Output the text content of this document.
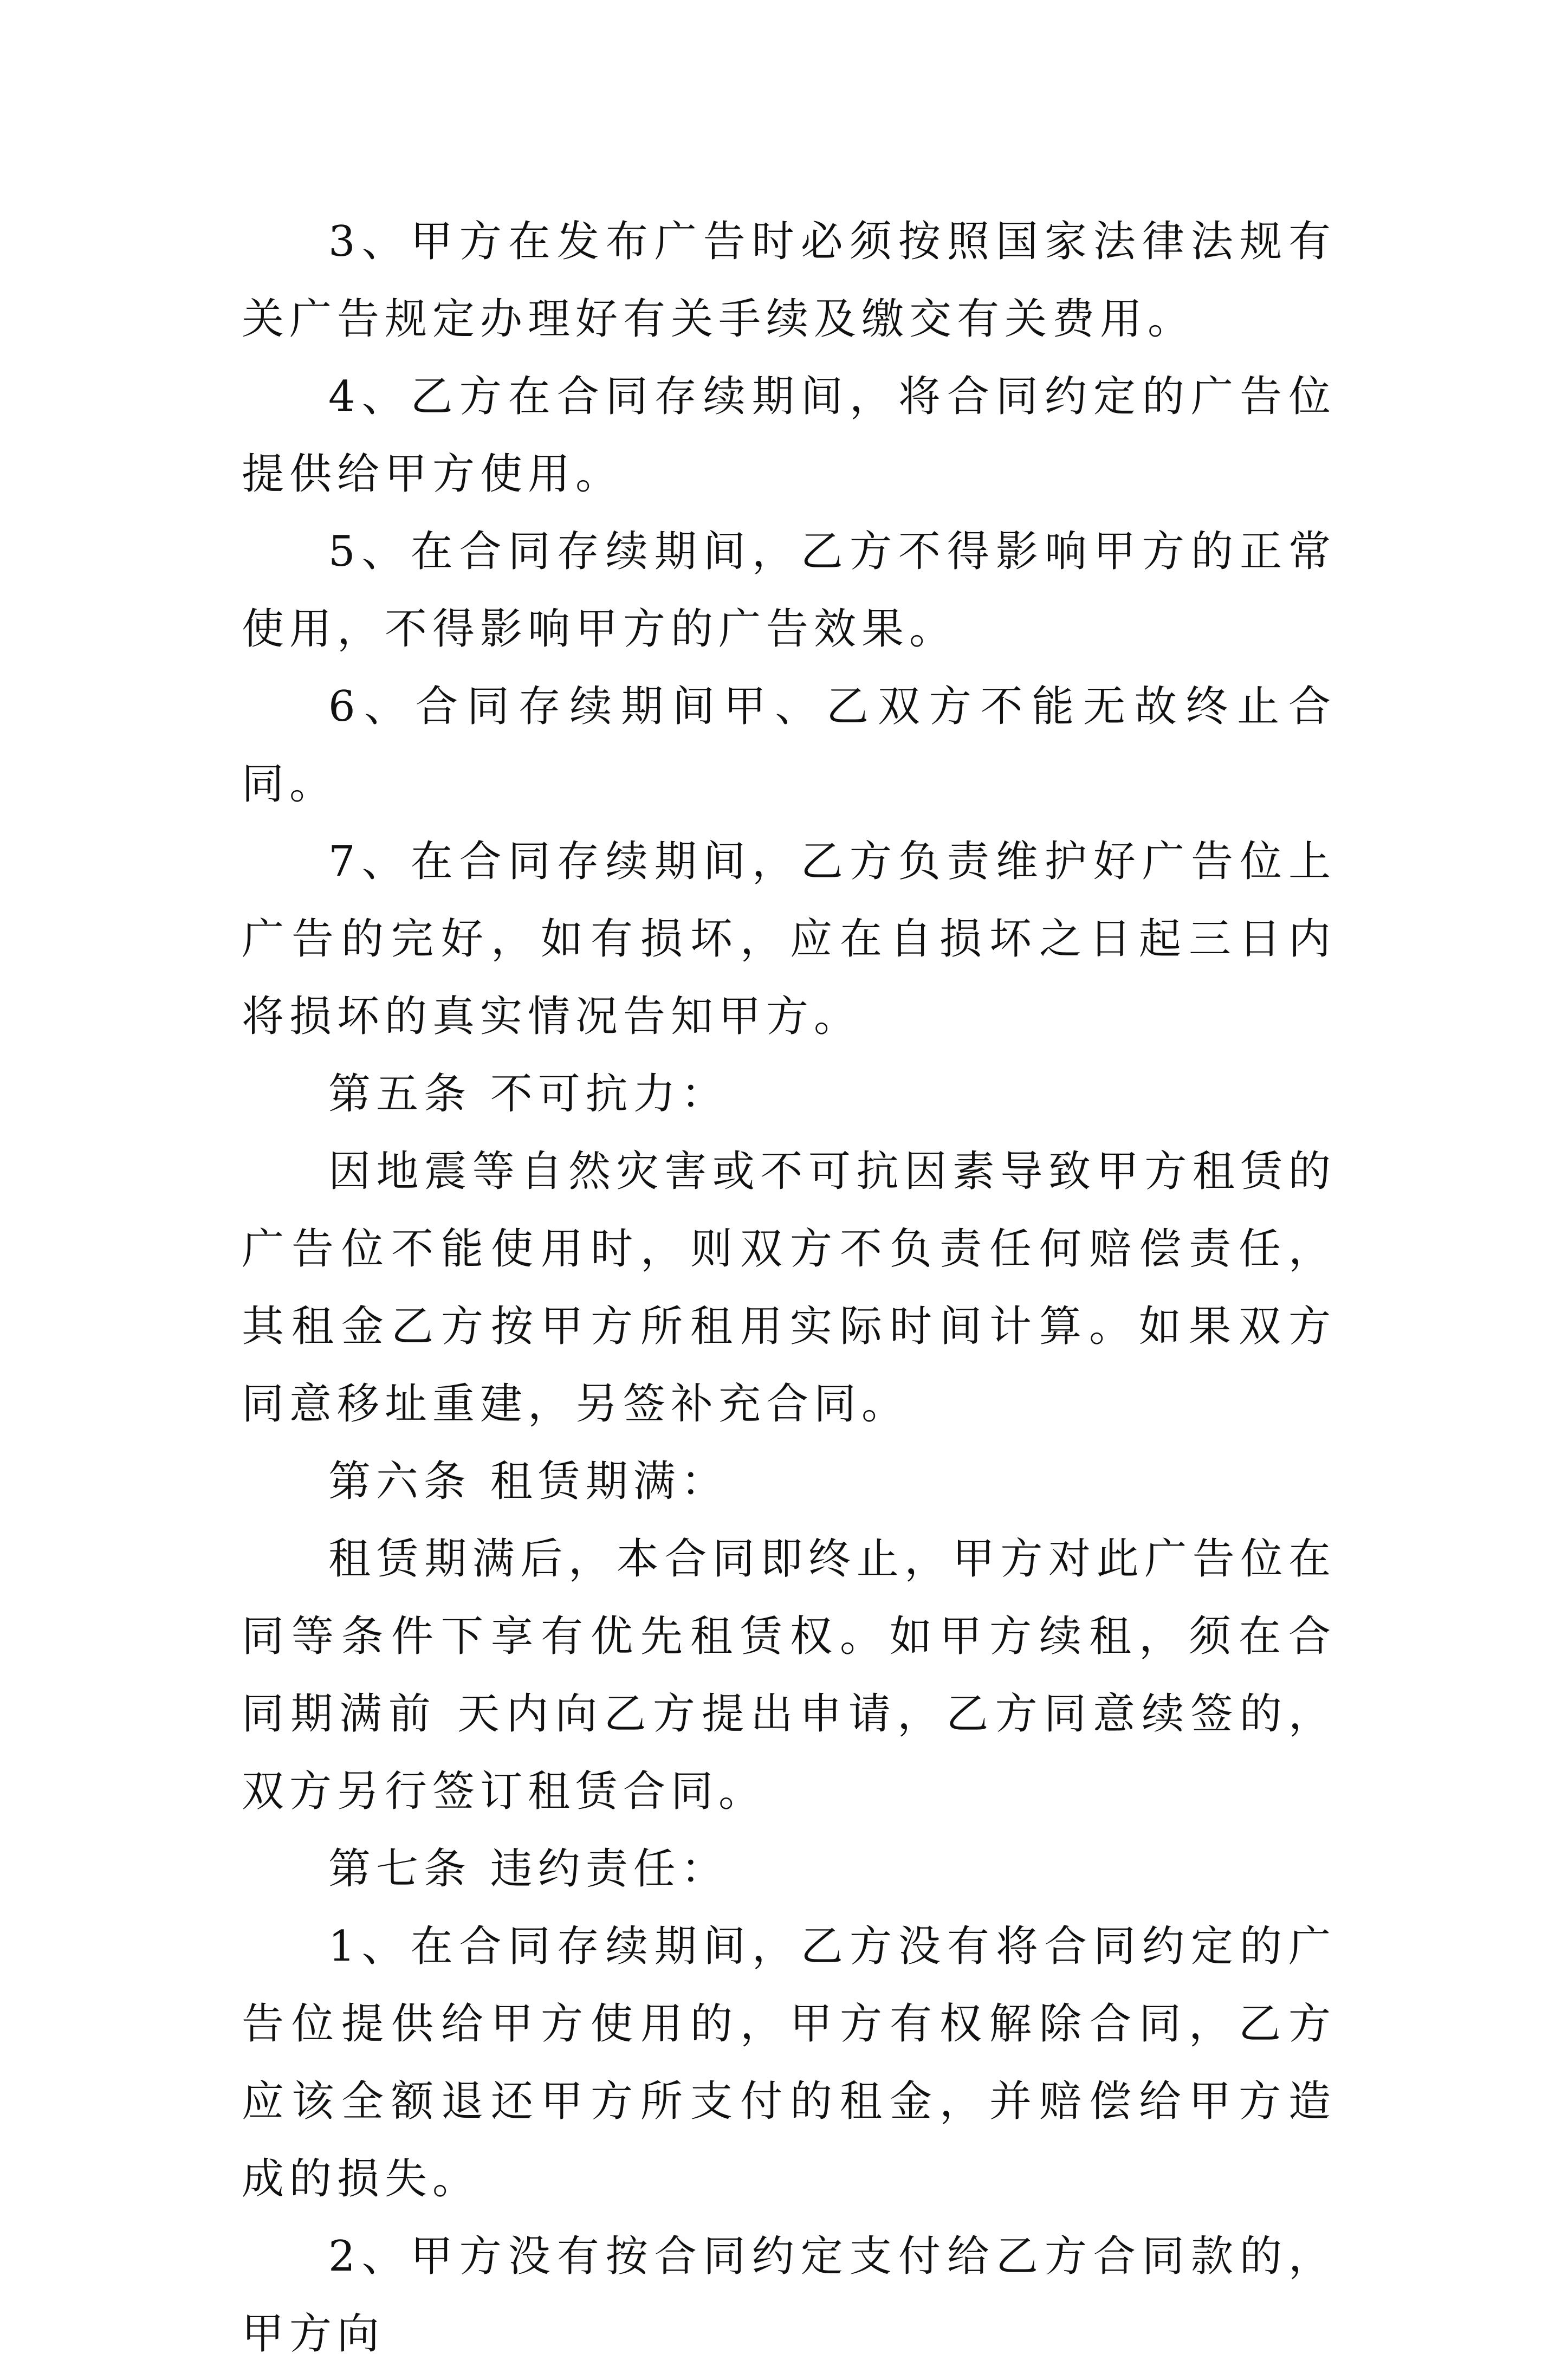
3、甲方在发布广告时必须按照国家法律法规有关广告规定办理好有关手续及缴交有关费用。

4、乙方在合同存续期间，将合同约定的广告位提供给甲方使用。

5、在合同存续期间，乙方不得影响甲方的正常使用，不得影响甲方的广告效果。

6、合同存续期间甲、乙双方不能无故终止合同。

7、在合同存续期间，乙方负责维护好广告位上广告的完好，如有损坏，应在自损坏之日起三日内将损坏的真实情况告知甲方。

第五条 不可抗力：

因地震等自然灾害或不可抗因素导致甲方租赁的广告位不能使用时，则双方不负责任何赔偿责任，其租金乙方按甲方所租用实际时间计算。如果双方同意移址重建，另签补充合同。

第六条 租赁期满：

租赁期满后，本合同即终止，甲方对此广告位在同等条件下享有优先租赁权。如甲方续租，须在合同期满前 天内向乙方提出申请，乙方同意续签的，双方另行签订租赁合同。

第七条 违约责任：

1、在合同存续期间，乙方没有将合同约定的广告位提供给甲方使用的，甲方有权解除合同，乙方应该全额退还甲方所支付的租金，并赔偿给甲方造成的损失。

2、甲方没有按合同约定支付给乙方合同款的，甲方向
